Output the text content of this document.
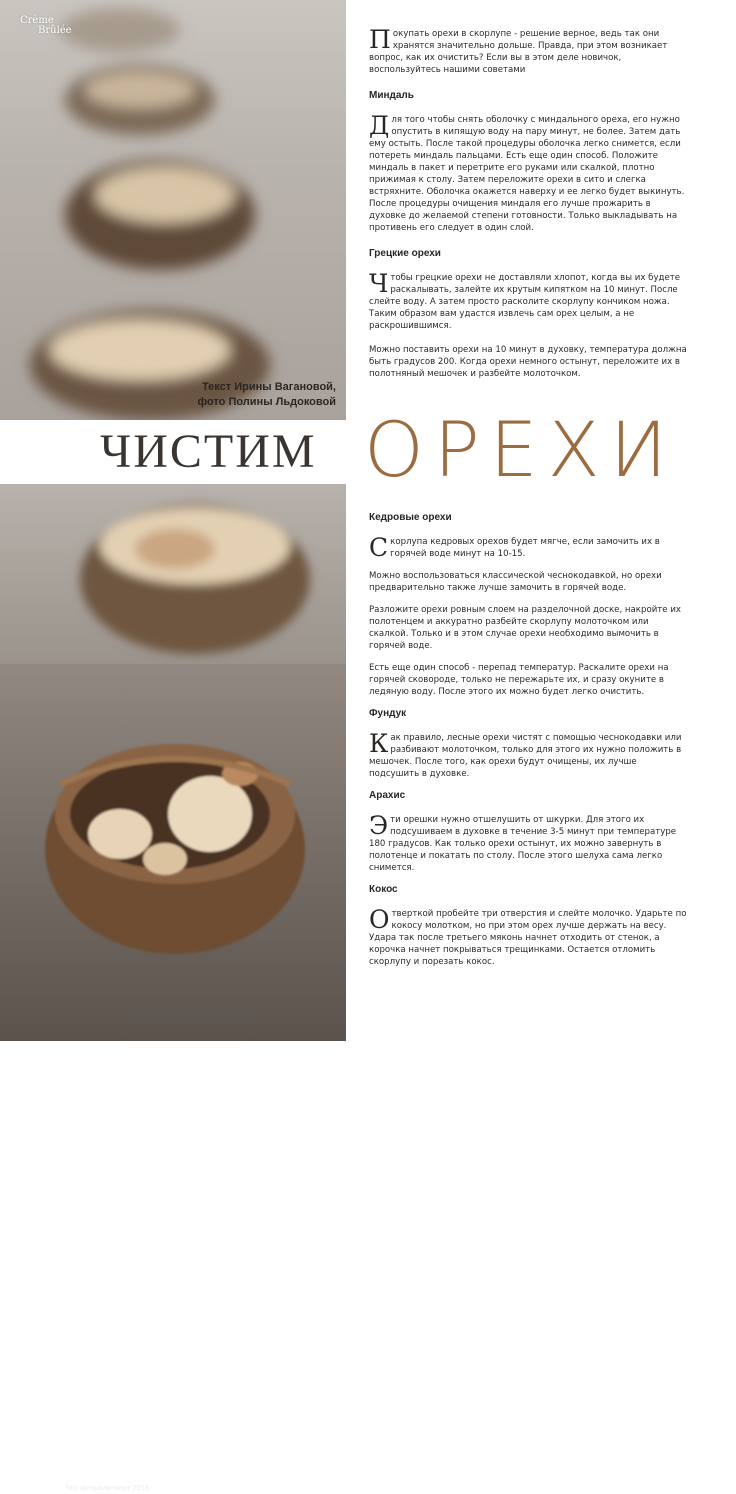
Crème
Brûlée
Текст Ирины Вагановой,
фото Полины Льдоковой
124 №1 февраль-март 2016
ЧИСТИМ ОРЕХИ

Покупать орехи в скорлупе - решение верное, ведь так они хранятся значительно дольше. Правда, при этом возникает вопрос, как их очистить? Если вы в этом деле новичок, воспользуйтесь нашими советами

Миндаль

Для того чтобы снять оболочку с миндального ореха, его нужно опустить в кипящую воду на пару минут, не более. Затем дать ему остыть. После такой процедуры оболочка легко снимется, если потереть миндаль пальцами. Есть еще один способ. Положите миндаль в пакет и перетрите его руками или скалкой, плотно прижимая к столу. Затем переложите орехи в сито и слегка встряхните. Оболочка окажется наверху и ее легко будет выкинуть. После процедуры очищения миндаля его лучше прожарить в духовке до желаемой степени готовности. Только выкладывать на противень его следует в один слой.

Грецкие орехи

Чтобы грецкие орехи не доставляли хлопот, когда вы их будете раскалывать, залейте их крутым кипятком на 10 минут. После слейте воду. А затем просто расколите скорлупу кончиком ножа. Таким образом вам удастся извлечь сам орех целым, а не раскрошившимся.

Можно поставить орехи на 10 минут в духовку, температура должна быть градусов 200. Когда орехи немного остынут, переложите их в полотняный мешочек и разбейте молоточком.

Кедровые орехи

Скорлупа кедровых орехов будет мягче, если замочить их в горячей воде минут на 10-15.

Можно воспользоваться классической чеснокодавкой, но орехи предварительно также лучше замочить в горячей воде.

Разложите орехи ровным слоем на разделочной доске, накройте их полотенцем и аккуратно разбейте скорлупу молоточком или скалкой. Только и в этом случае орехи необходимо вымочить в горячей воде.

Есть еще один способ - перепад температур. Раскалите орехи на горячей сковороде, только не пережарьте их, и сразу окуните в ледяную воду. После этого их можно будет легко очистить.

Фундук

Как правило, лесные орехи чистят с помощью чеснокодавки или разбивают молоточком, только для этого их нужно положить в мешочек. После того, как орехи будут очищены, их лучше подсушить в духовке.

Арахис

Эти орешки нужно отшелушить от шкурки. Для этого их подсушиваем в духовке в течение 3-5 минут при температуре 180 градусов. Как только орехи остынут, их можно завернуть в полотенце и покатать по столу. После этого шелуха сама легко снимется.

Кокос

Отверткой пробейте три отверстия и слейте молочко. Ударьте по кокосу молотком, но при этом орех лучше держать на весу. Удара так после третьего мяконь начнет отходить от стенок, а корочка начнет покрываться трещинками. Остается отломить скорлупу и порезать кокос.
